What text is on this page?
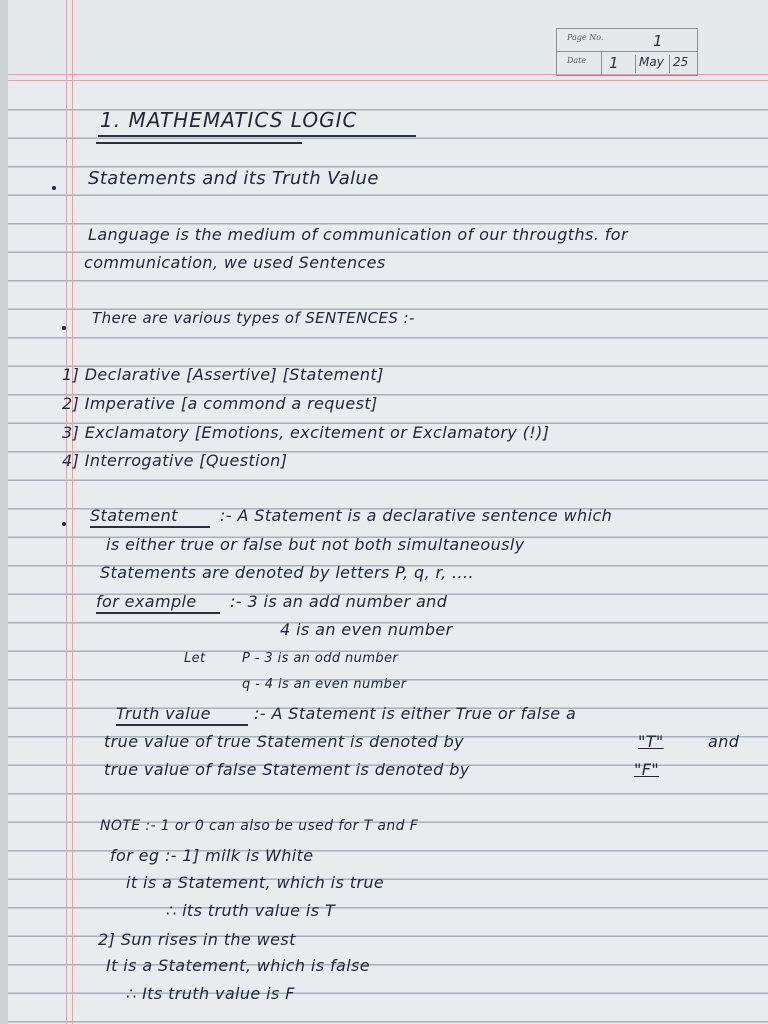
Page No.	1
Date 1	May 25
1. MATHEMATICS LOGIC
Statements and its Truth Value
Language is the medium of communication of our througths. for
communication, we used Sentences
There are various types of SENTENCES :-
1] Declarative [Assertive] [Statement]
2] Imperative [a commond a request]
3] Exclamatory [Emotions, excitement or Exclamatory (!)]
4] Interrogative [Question]
Statement	:- A Statement is a declarative sentence which
is either true or false but not both simultaneously
Statements are denoted by letters P, q, r, ....
for example :- 3 is an add number and
4 is an even number
Let	P - 3 is an odd number
q - 4 is an even number
Truth value	:- A Statement is either True or false a
true value of true Statement is denoted by	"T"	and
true value of false Statement is denoted by	"F"
NOTE :- 1 or 0 can also be used for T and F
for eg :- 1] milk is White
it is a Statement, which is true
∴ its truth value is T
2] Sun rises in the west
It is a Statement, which is false
∴ Its truth value is F
